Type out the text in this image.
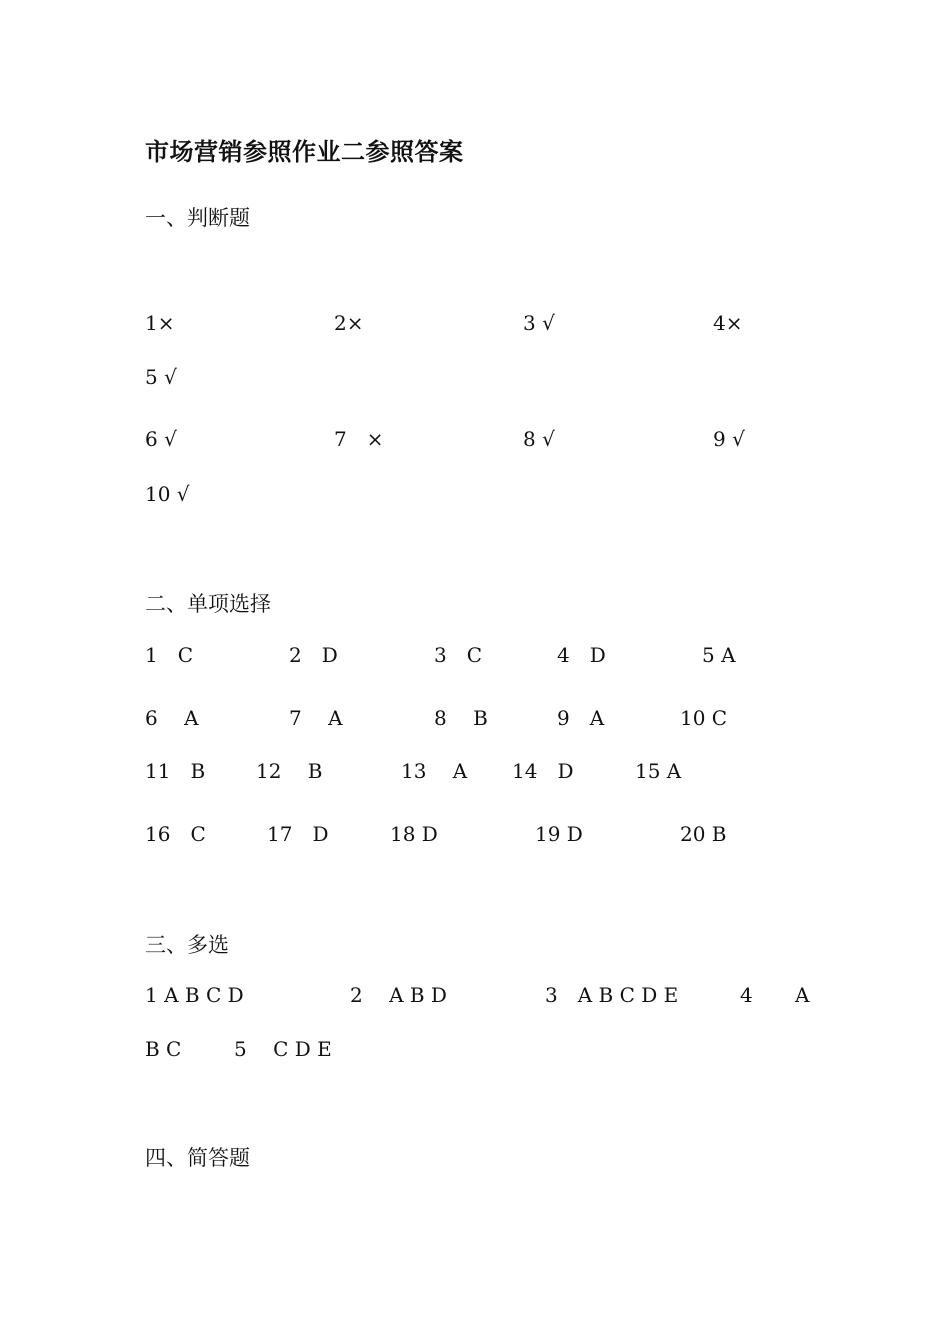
市场营销参照作业二参照答案
一、判断题
1×	2×	3 √	4×
5 √
6 √	7　×	8 √	9 √
10 √
二、单项选择
1　C	2　D	3　C	4　D	5 A
6　 A	7　 A	8　 B	9　A	10 C
11　B	12　 B	13　 A 14　D	15 A
16　C	17　D	18 D	19 D	20 B
三、多选
1 A B C D	2　 A B D	3　A B C D E	4 A
B C	5　 C D E
四、简答题
